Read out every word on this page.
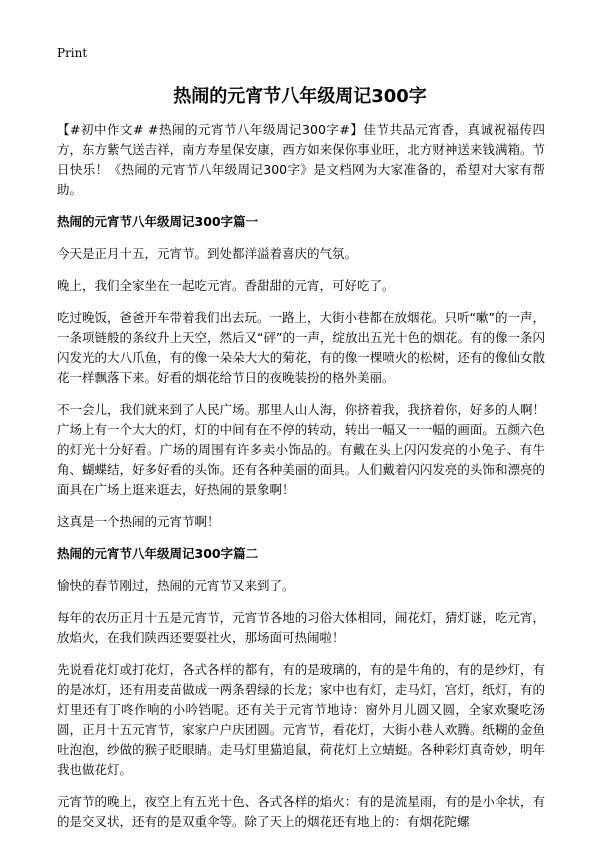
Print
热闹的元宵节八年级周记300字

【#初中作文# #热闹的元宵节八年级周记300字#】佳节共品元宵香，真诚祝福传四方，东方紫气送吉祥，南方寿星保安康，西方如来保你事业旺，北方财神送来钱满箱。节日快乐！《热闹的元宵节八年级周记300字》是文档网为大家准备的，希望对大家有帮助。

热闹的元宵节八年级周记300字篇一

今天是正月十五，元宵节。到处都洋溢着喜庆的气氛。

晚上，我们全家坐在一起吃元宵。香甜甜的元宵，可好吃了。

吃过晚饭，爸爸开车带着我们出去玩。一路上，大街小巷都在放烟花。只听“嗽”的一声，一条项链般的条纹升上天空，然后又“砰”的一声，绽放出五光十色的烟花。有的像一条闪闪发光的大八爪鱼，有的像一朵朵大大的菊花，有的像一棵喷火的松树，还有的像仙女散花一样飘落下来。好看的烟花给节日的夜晚装扮的格外美丽。

不一会儿，我们就来到了人民广场。那里人山人海，你挤着我，我挤着你，好多的人啊！广场上有一个大大的灯，灯的中间有在不停的转动，转出一幅又一一幅的画面。五颜六色的灯光十分好看。广场的周围有许多卖小饰品的。有戴在头上闪闪发亮的小兔子、有牛角、蝴蝶结，好多好看的头饰。还有各种美丽的面具。人们戴着闪闪发亮的头饰和漂亮的面具在广场上逛来逛去，好热闹的景象啊！

这真是一个热闹的元宵节啊！

热闹的元宵节八年级周记300字篇二

愉快的春节刚过，热闹的元宵节又来到了。

每年的农历正月十五是元宵节，元宵节各地的习俗大体相同，闹花灯，猜灯谜，吃元宵，放焰火，在我们陕西还要耍社火，那场面可热闹啦！

先说看花灯或打花灯，各式各样的都有，有的是玻璃的，有的是牛角的，有的是纱灯，有的是冰灯，还有用麦苗做成一两条碧绿的长龙；家中也有灯，走马灯，宫灯，纸灯，有的灯里还有丁咚作响的小吟铛呢。还有关于元宵节地诗：窗外月儿圆又圆，全家欢聚吃汤圆，正月十五元宵节，家家户户庆团圆。元宵节，看花灯，大街小巷人欢腾。纸糊的金鱼吐泡泡，纱做的猴子眨眼睛。走马灯里猫追鼠，荷花灯上立蜻蜓。各种彩灯真奇妙，明年我也做花灯。

元宵节的晚上，夜空上有五光十色、各式各样的焰火：有的是流星雨，有的是小伞状，有的是交叉状，还有的是双重伞等。除了天上的烟花还有地上的：有烟花陀螺
